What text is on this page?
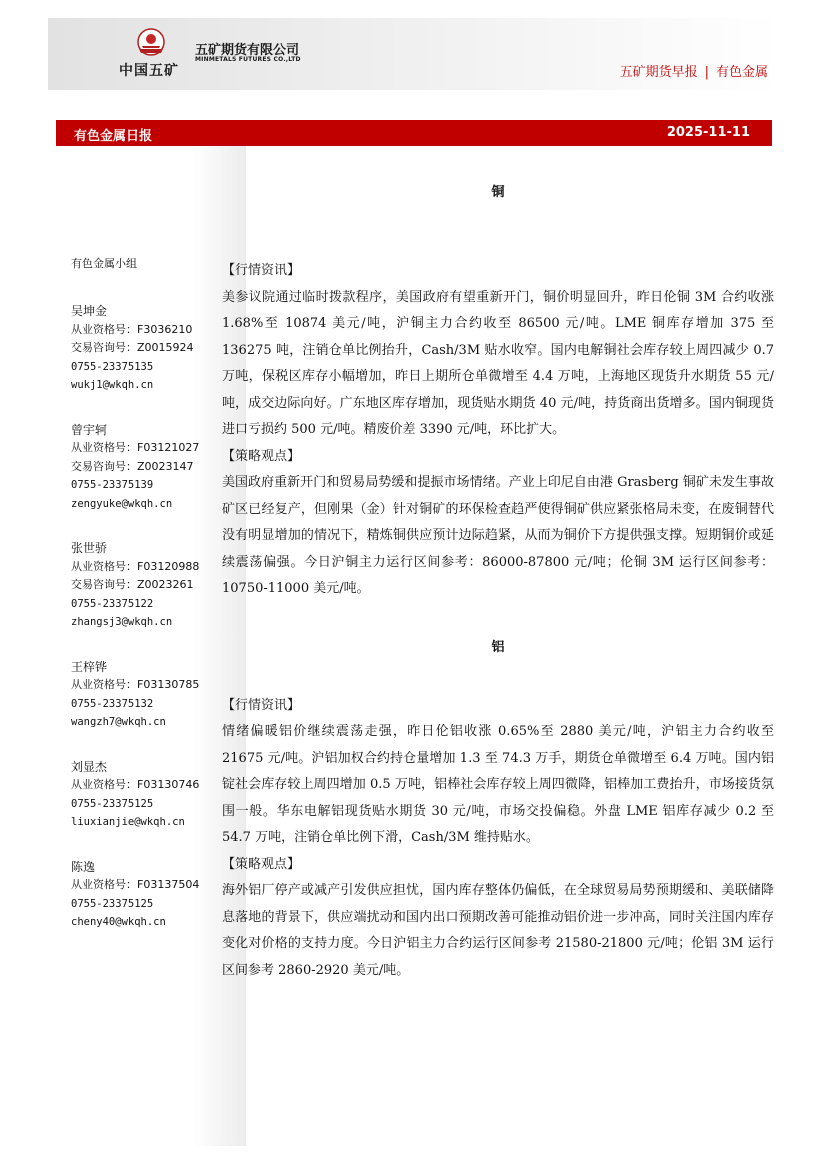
中国五矿
五矿期货有限公司
MINMETALS FUTURES CO.,LTD
五矿期货早报 | 有色金属
有色金属日报	2025-11-11
有色金属小组
吴坤金
从业资格号：F3036210
交易咨询号：Z0015924
0755-23375135
wukj1@wkqh.cn
曾宇轲
从业资格号：F03121027
交易咨询号：Z0023147
0755-23375139
zengyuke@wkqh.cn
张世骄
从业资格号：F03120988
交易咨询号：Z0023261
0755-23375122
zhangsj3@wkqh.cn
王梓铧
从业资格号：F03130785
0755-23375132
wangzh7@wkqh.cn
刘显杰
从业资格号：F03130746
0755-23375125
liuxianjie@wkqh.cn
陈逸
从业资格号：F03137504
0755-23375125
cheny40@wkqh.cn
铜
【行情资讯】

美参议院通过临时拨款程序，美国政府有望重新开门，铜价明显回升，昨日伦铜 3M 合约收涨 1.68%至 10874 美元/吨，沪铜主力合约收至 86500 元/吨。LME 铜库存增加 375 至 136275 吨，注销仓单比例抬升，Cash/3M 贴水收窄。国内电解铜社会库存较上周四减少 0.7 万吨，保税区库存小幅增加，昨日上期所仓单微增至 4.4 万吨，上海地区现货升水期货 55 元/吨，成交边际向好。广东地区库存增加，现货贴水期货 40 元/吨，持货商出货增多。国内铜现货进口亏损约 500 元/吨。精废价差 3390 元/吨，环比扩大。

【策略观点】

美国政府重新开门和贸易局势缓和提振市场情绪。产业上印尼自由港 Grasberg 铜矿未发生事故矿区已经复产，但刚果（金）针对铜矿的环保检查趋严使得铜矿供应紧张格局未变，在废铜替代没有明显增加的情况下，精炼铜供应预计边际趋紧，从而为铜价下方提供强支撑。短期铜价或延续震荡偏强。今日沪铜主力运行区间参考：86000-87800 元/吨；伦铜 3M 运行区间参考：10750-11000 美元/吨。

铝
【行情资讯】

情绪偏暖铝价继续震荡走强，昨日伦铝收涨 0.65%至 2880 美元/吨，沪铝主力合约收至 21675 元/吨。沪铝加权合约持仓量增加 1.3 至 74.3 万手，期货仓单微增至 6.4 万吨。国内铝锭社会库存较上周四增加 0.5 万吨，铝棒社会库存较上周四微降，铝棒加工费抬升，市场接货氛围一般。华东电解铝现货贴水期货 30 元/吨，市场交投偏稳。外盘 LME 铝库存减少 0.2 至 54.7 万吨，注销仓单比例下滑，Cash/3M 维持贴水。

【策略观点】

海外铝厂停产或减产引发供应担忧，国内库存整体仍偏低，在全球贸易局势预期缓和、美联储降息落地的背景下，供应端扰动和国内出口预期改善可能推动铝价进一步冲高，同时关注国内库存变化对价格的支持力度。今日沪铝主力合约运行区间参考 21580-21800 元/吨；伦铝 3M 运行区间参考 2860-2920 美元/吨。
